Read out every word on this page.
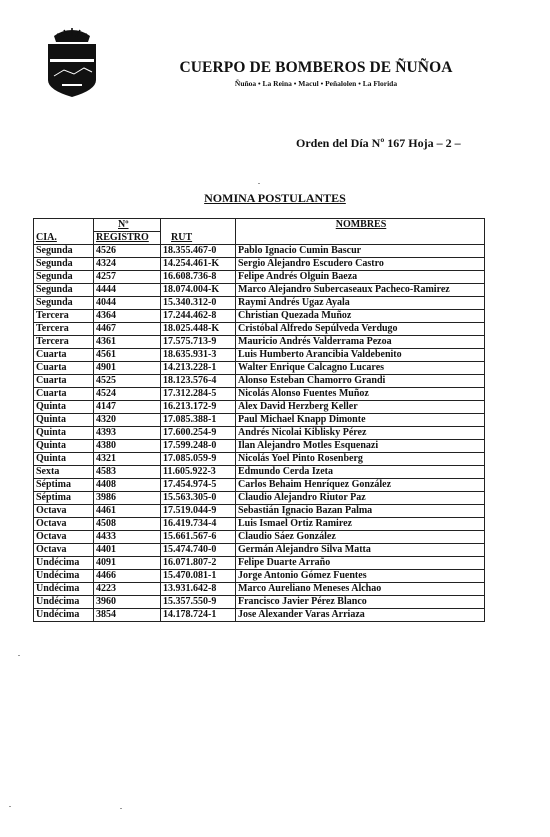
CUERPO DE BOMBEROS DE ÑUÑOA
Ñuñoa • La Reina • Macul • Peñalolen • La Florida
Orden del Día Nº 167 Hoja – 2 –
NOMINA POSTULANTES
CIA.	Nº	RUT	NOMBRES
	REGISTRO		
Segunda	4526	18.355.467-0	Pablo Ignacio Cumin Bascur
Segunda	4324	14.254.461-K	Sergio Alejandro Escudero Castro
Segunda	4257	16.608.736-8	Felipe Andrés Olguin Baeza
Segunda	4444	18.074.004-K	Marco Alejandro Subercaseaux Pacheco-Ramirez
Segunda	4044	15.340.312-0	Raymi Andrés Ugaz Ayala
Tercera	4364	17.244.462-8	Christian Quezada Muñoz
Tercera	4467	18.025.448-K	Cristóbal Alfredo Sepúlveda Verdugo
Tercera	4361	17.575.713-9	Mauricio Andrés Valderrama Pezoa
Cuarta	4561	18.635.931-3	Luis Humberto Arancibia Valdebenito
Cuarta	4901	14.213.228-1	Walter Enrique Calcagno Lucares
Cuarta	4525	18.123.576-4	Alonso Esteban Chamorro Grandi
Cuarta	4524	17.312.284-5	Nicolás Alonso Fuentes Muñoz
Quinta	4147	16.213.172-9	Alex David Herzberg Keller
Quinta	4320	17.085.388-1	Paul Michael Knapp Dimonte
Quinta	4393	17.600.254-9	Andrés Nicolai Kiblisky Pérez
Quinta	4380	17.599.248-0	Ilan Alejandro Motles Esquenazi
Quinta	4321	17.085.059-9	Nicolás Yoel Pinto Rosenberg
Sexta	4583	11.605.922-3	Edmundo Cerda Izeta
Séptima	4408	17.454.974-5	Carlos Behaim Henríquez González
Séptima	3986	15.563.305-0	Claudio Alejandro Riutor Paz
Octava	4461	17.519.044-9	Sebastián Ignacio Bazan Palma
Octava	4508	16.419.734-4	Luis Ismael Ortiz Ramirez
Octava	4433	15.661.567-6	Claudio Sáez González
Octava	4401	15.474.740-0	Germán Alejandro Silva Matta
Undécima	4091	16.071.807-2	Felipe Duarte Arraño
Undécima	4466	15.470.081-1	Jorge Antonio Gómez Fuentes
Undécima	4223	13.931.642-8	Marco Aureliano Meneses Alchao
Undécima	3960	15.357.550-9	Francisco Javier Pérez Blanco
Undécima	3854	14.178.724-1	Jose Alexander Varas Arriaza
